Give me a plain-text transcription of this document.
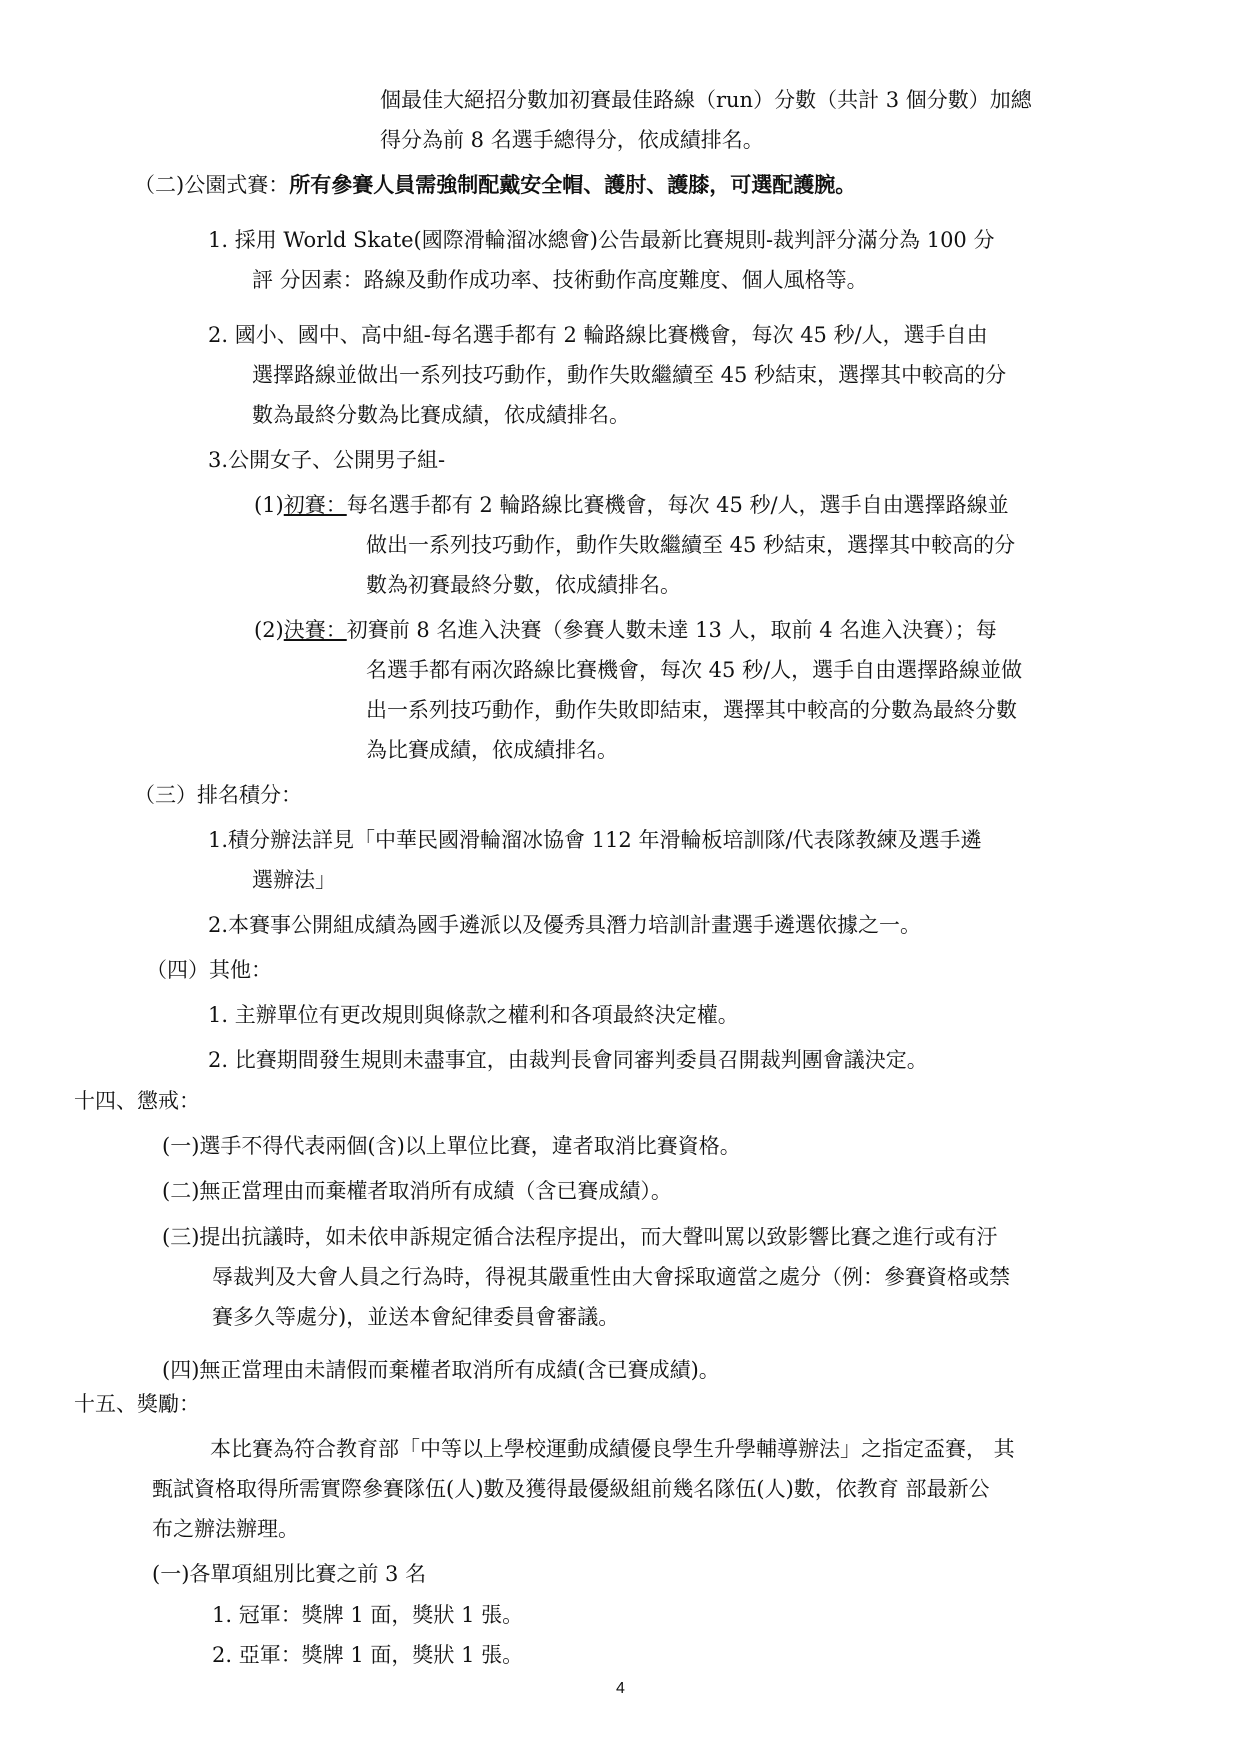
個最佳大絕招分數加初賽最佳路線（run）分數（共計 3 個分數）加總
得分為前 8 名選手總得分，依成績排名。
（二)公園式賽：所有參賽人員需強制配戴安全帽、護肘、護膝，可選配護腕。
1. 採用 World Skate(國際滑輪溜冰總會)公告最新比賽規則-裁判評分滿分為 100 分
評 分因素：路線及動作成功率、技術動作高度難度、個人風格等。
2. 國小、國中、高中組-每名選手都有 2 輪路線比賽機會，每次 45 秒/人，選手自由
選擇路線並做出一系列技巧動作，動作失敗繼續至 45 秒結束，選擇其中較高的分
數為最終分數為比賽成績，依成績排名。
3.公開女子、公開男子組-
(1)初賽：每名選手都有 2 輪路線比賽機會，每次 45 秒/人，選手自由選擇路線並
做出一系列技巧動作，動作失敗繼續至 45 秒結束，選擇其中較高的分
數為初賽最終分數，依成績排名。
(2)決賽：初賽前 8 名進入決賽（參賽人數未達 13 人，取前 4 名進入決賽）；每
名選手都有兩次路線比賽機會，每次 45 秒/人，選手自由選擇路線並做
出一系列技巧動作，動作失敗即結束，選擇其中較高的分數為最終分數
為比賽成績，依成績排名。
（三）排名積分：
1.積分辦法詳見「中華民國滑輪溜冰協會 112 年滑輪板培訓隊/代表隊教練及選手遴
選辦法」
2.本賽事公開組成績為國手遴派以及優秀具潛力培訓計畫選手遴選依據之一。
（四）其他：
1. 主辦單位有更改規則與條款之權利和各項最終決定權。
2. 比賽期間發生規則未盡事宜，由裁判長會同審判委員召開裁判團會議決定。
十四、懲戒：
(一)選手不得代表兩個(含)以上單位比賽，違者取消比賽資格。
(二)無正當理由而棄權者取消所有成績（含已賽成績）。
(三)提出抗議時，如未依申訴規定循合法程序提出，而大聲叫罵以致影響比賽之進行或有汙
辱裁判及大會人員之行為時，得視其嚴重性由大會採取適當之處分（例：參賽資格或禁
賽多久等處分)，並送本會紀律委員會審議。
(四)無正當理由未請假而棄權者取消所有成績(含已賽成績)。
十五、獎勵：
本比賽為符合教育部「中等以上學校運動成績優良學生升學輔導辦法」之指定盃賽， 其
甄試資格取得所需實際參賽隊伍(人)數及獲得最優級組前幾名隊伍(人)數，依教育 部最新公
布之辦法辦理。
(一)各單項組別比賽之前 3 名
1. 冠軍：獎牌 1 面，獎狀 1 張。
2. 亞軍：獎牌 1 面，獎狀 1 張。
4
